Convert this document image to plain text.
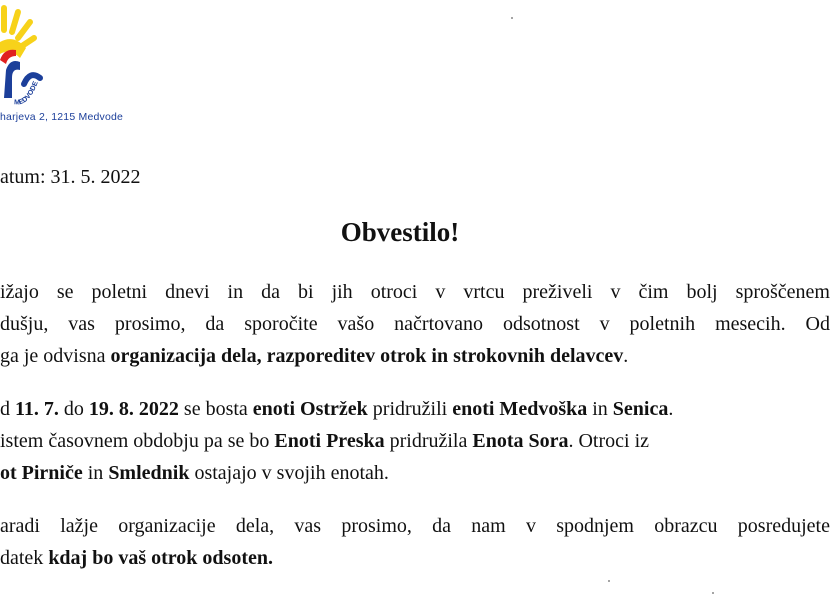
MEDVODE
harjeva 2, 1215 Medvode
atum: 31. 5. 2022
Obvestilo!
ižajo se poletni dnevi in da bi jih otroci v vrtcu preživeli v čim bolj sproščenem
dušju, vas prosimo, da sporočite vašo načrtovano odsotnost v poletnih mesecih. Od
ga je odvisna organizacija dela, razporeditev otrok in strokovnih delavcev.
d 11. 7. do 19. 8. 2022 se bosta enoti Ostržek pridružili enoti Medvoška in Senica.
istem časovnem obdobju pa se bo Enoti Preska pridružila Enota Sora. Otroci iz
ot Pirniče in Smlednik ostajajo v svojih enotah.
aradi lažje organizacije dela, vas prosimo, da nam v spodnjem obrazcu posredujete
datek kdaj bo vaš otrok odsoten.
